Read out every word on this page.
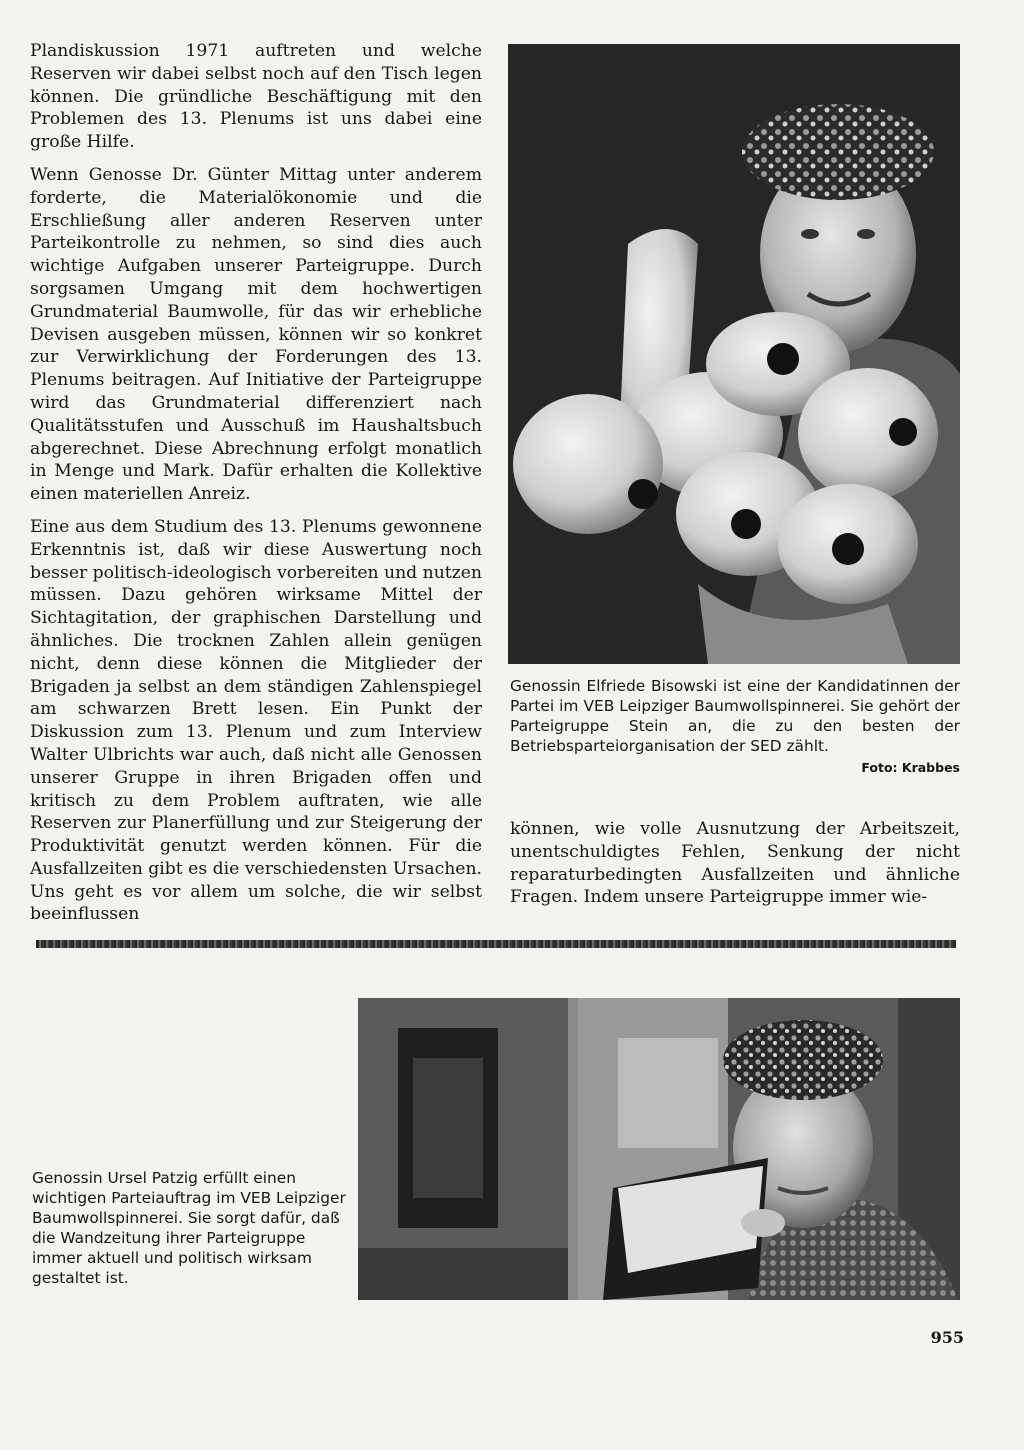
Plandiskussion 1971 auftreten und welche Reserven wir dabei selbst noch auf den Tisch legen können. Die gründliche Beschäftigung mit den Problemen des 13. Plenums ist uns dabei eine große Hilfe.

Wenn Genosse Dr. Günter Mittag unter anderem forderte, die Materialökonomie und die Erschließung aller anderen Reserven unter Parteikontrolle zu nehmen, so sind dies auch wichtige Aufgaben unserer Parteigruppe. Durch sorgsamen Umgang mit dem hochwertigen Grundmaterial Baumwolle, für das wir erhebliche Devisen ausgeben müssen, können wir so konkret zur Verwirklichung der Forderungen des 13. Plenums beitragen. Auf Initiative der Parteigruppe wird das Grundmaterial differenziert nach Qualitätsstufen und Ausschuß im Haushaltsbuch abgerechnet. Diese Abrechnung erfolgt monatlich in Menge und Mark. Dafür erhalten die Kollektive einen materiellen Anreiz.

Eine aus dem Studium des 13. Plenums gewonnene Erkenntnis ist, daß wir diese Auswertung noch besser politisch-ideologisch vorbereiten und nutzen müssen. Dazu gehören wirksame Mittel der Sichtagitation, der graphischen Darstellung und ähnliches. Die trocknen Zahlen allein genügen nicht, denn diese können die Mitglieder der Brigaden ja selbst an dem ständigen Zahlenspiegel am schwarzen Brett lesen. Ein Punkt der Diskussion zum 13. Plenum und zum Interview Walter Ulbrichts war auch, daß nicht alle Genossen unserer Gruppe in ihren Brigaden offen und kritisch zu dem Problem auftraten, wie alle Reserven zur Planerfüllung und zur Steigerung der Produktivität genutzt werden können. Für die Ausfallzeiten gibt es die verschiedensten Ursachen. Uns geht es vor allem um solche, die wir selbst beeinflussen

Genossin Elfriede Bisowski ist eine der Kandidatinnen der Partei im VEB Leipziger Baumwollspinnerei. Sie gehört der Parteigruppe Stein an, die zu den besten der Betriebsparteiorganisation der SED zählt.
Foto: Krabbes

können, wie volle Ausnutzung der Arbeitszeit, unentschuldigtes Fehlen, Senkung der nicht reparaturbedingten Ausfallzeiten und ähnliche Fragen. Indem unsere Parteigruppe immer wie-

Genossin Ursel Patzig erfüllt einen wichtigen Parteiauftrag im VEB Leipziger Baumwollspinnerei. Sie sorgt dafür, daß die Wandzeitung ihrer Parteigruppe immer aktuell und politisch wirksam gestaltet ist.
955
